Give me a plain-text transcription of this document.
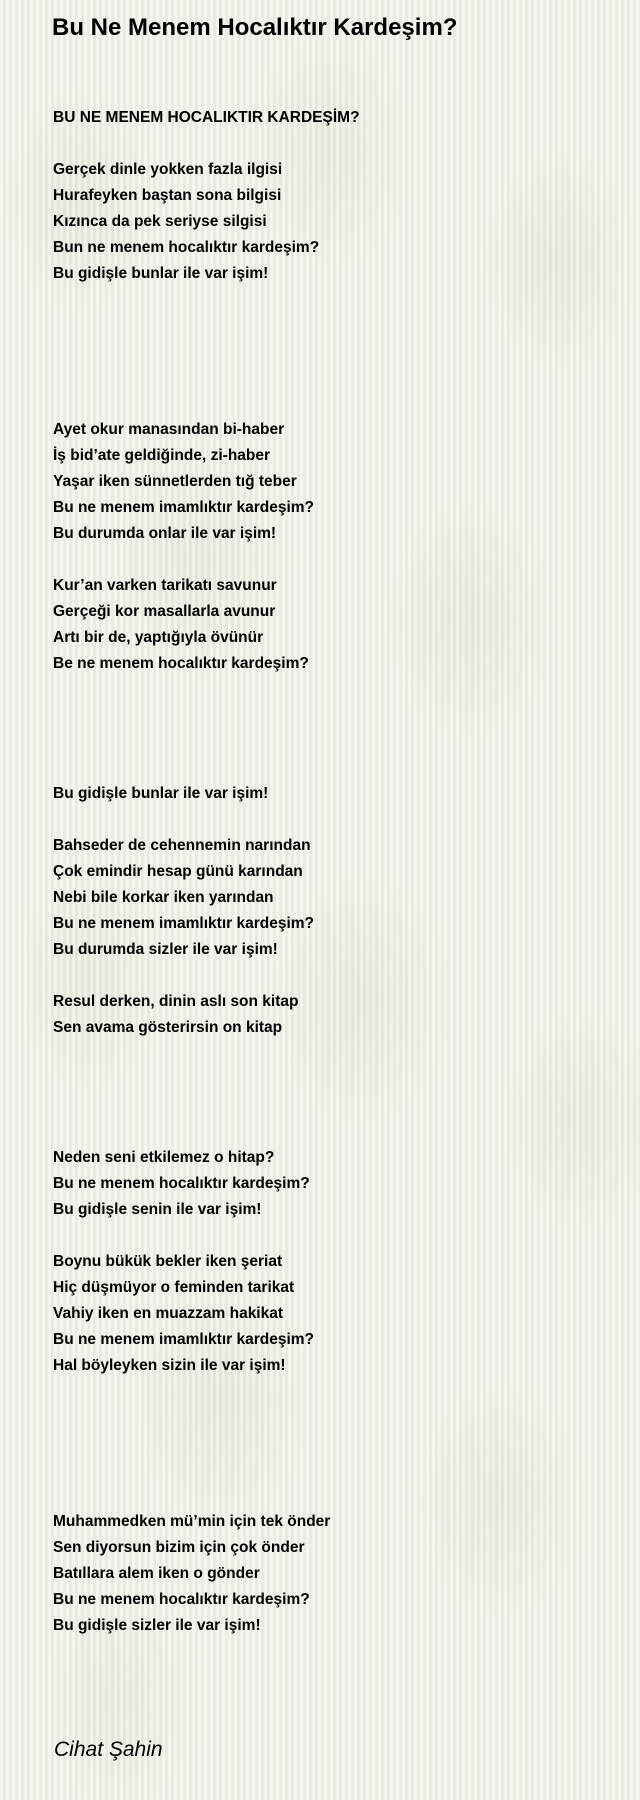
Bu Ne Menem Hocalıktır Kardeşim?
BU NE MENEM HOCALIKTIR KARDEŞİM?
Gerçek dinle yokken fazla ilgisi
Hurafeyken baştan sona bilgisi
Kızınca da pek seriyse silgisi
Bun ne menem hocalıktır kardeşim?
Bu gidişle bunlar ile var işim!
Ayet okur manasından bi-haber
İş bid’ate geldiğinde, zi-haber
Yaşar iken sünnetlerden tığ teber
Bu ne menem imamlıktır kardeşim?
Bu durumda onlar ile var işim!
Kur’an varken tarikatı savunur
Gerçeği kor masallarla avunur
Artı bir de, yaptığıyla övünür
Be ne menem hocalıktır kardeşim?
Bu gidişle bunlar ile var işim!
Bahseder de cehennemin narından
Çok emindir hesap günü karından
Nebi bile korkar iken yarından
Bu ne menem imamlıktır kardeşim?
Bu durumda sizler ile var işim!
Resul derken, dinin aslı son kitap
Sen avama gösterirsin on kitap
Neden seni etkilemez o hitap?
Bu ne menem hocalıktır kardeşim?
Bu gidişle senin ile var işim!
Boynu bükük bekler iken şeriat
Hiç düşmüyor o feminden tarikat
Vahiy iken en muazzam hakikat
Bu ne menem imamlıktır kardeşim?
Hal böyleyken sizin ile var işim!
Muhammedken mü’min için tek önder
Sen diyorsun bizim için çok önder
Batıllara alem iken o gönder
Bu ne menem hocalıktır kardeşim?
Bu gidişle sizler ile var işim!
Cihat Şahin
